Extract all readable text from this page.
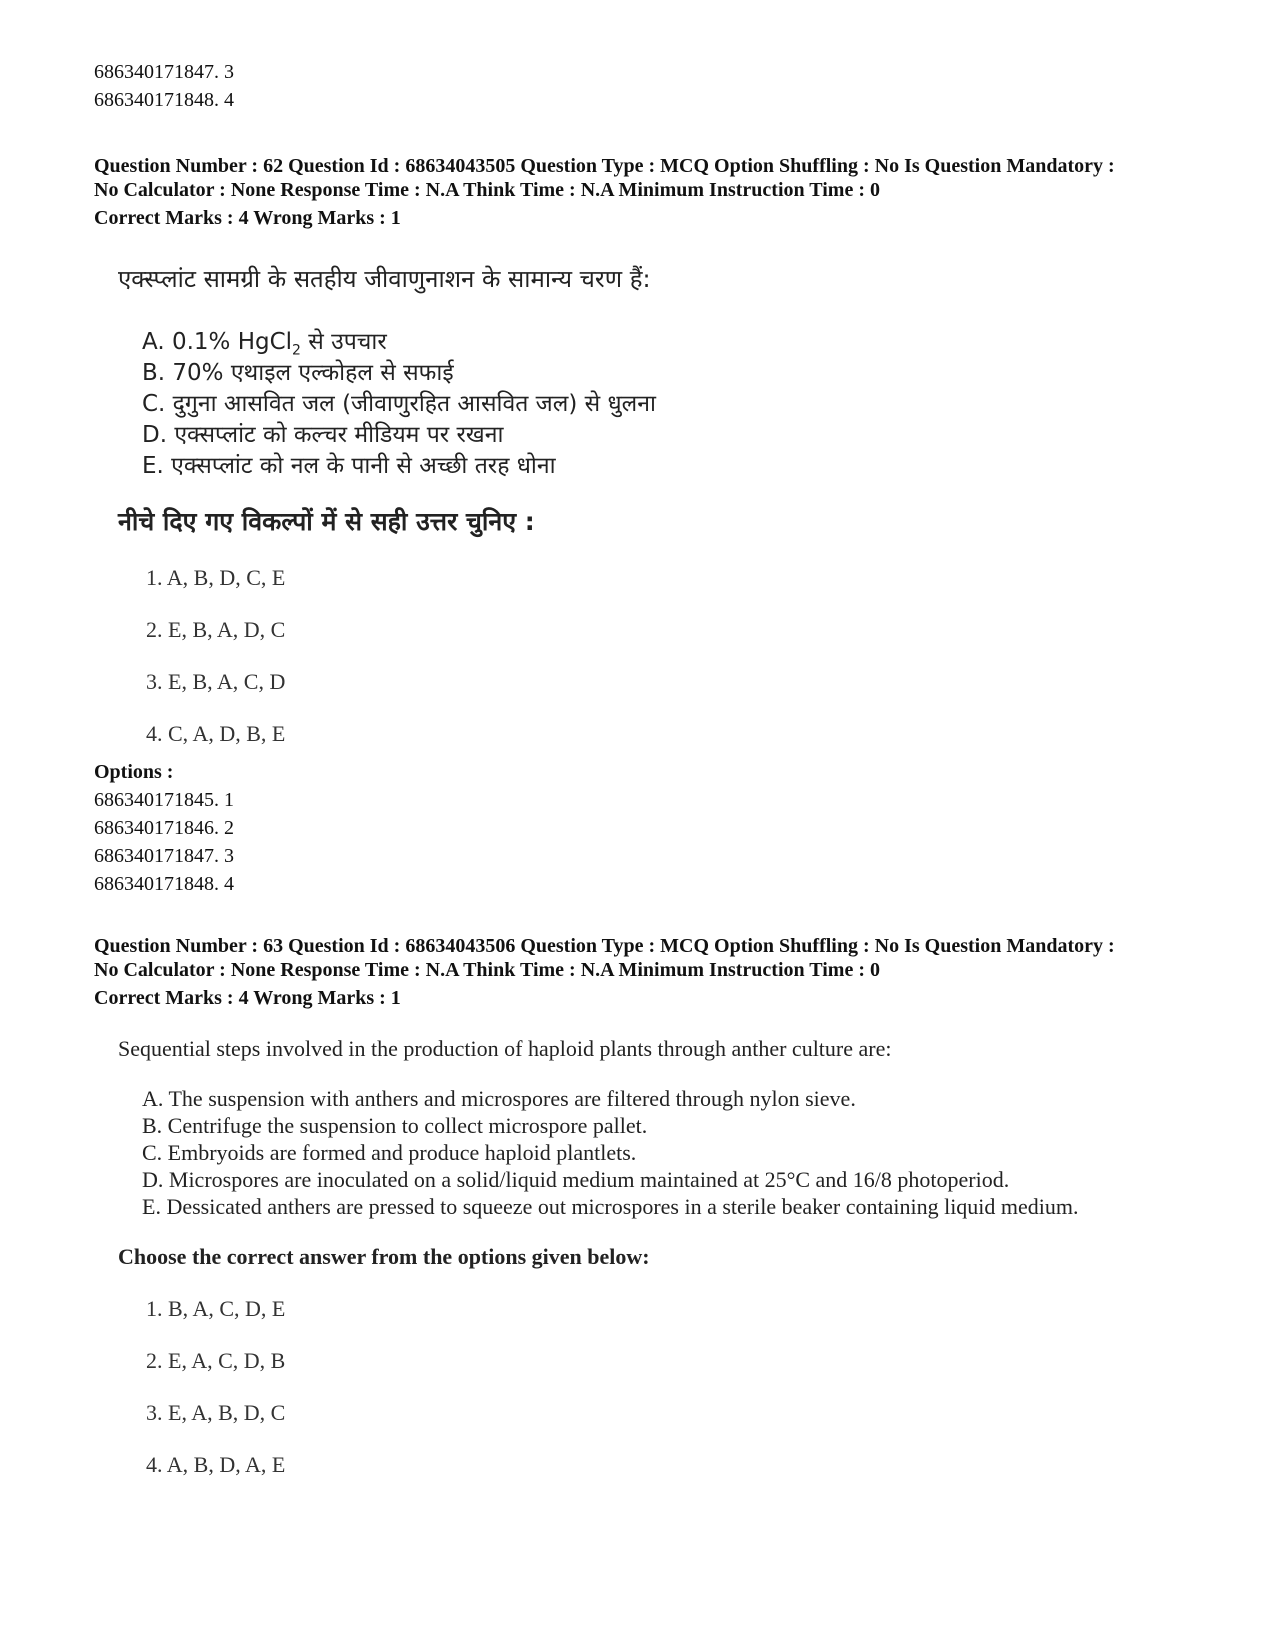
686340171847. 3
686340171848. 4
Question Number : 62 Question Id : 68634043505 Question Type : MCQ Option Shuffling : No Is Question Mandatory :
No Calculator : None Response Time : N.A Think Time : N.A Minimum Instruction Time : 0
Correct Marks : 4 Wrong Marks : 1
एक्स्प्लांट सामग्री के सतहीय जीवाणुनाशन के सामान्य चरण हैं:
A. 0.1% HgCl$_2$ से उपचार
B. 70% एथाइल एल्कोहल से सफाई
C. दुगुना आसवित जल (जीवाणुरहित आसवित जल) से धुलना
D. एक्सप्लांट को कल्चर मीडियम पर रखना
E. एक्सप्लांट को नल के पानी से अच्छी तरह धोना
नीचे दिए गए विकल्पों में से सही उत्तर चुनिए :
1. A, B, D, C, E
2. E, B, A, D, C
3. E, B, A, C, D
4. C, A, D, B, E
Options :
686340171845. 1
686340171846. 2
686340171847. 3
686340171848. 4
Question Number : 63 Question Id : 68634043506 Question Type : MCQ Option Shuffling : No Is Question Mandatory :
No Calculator : None Response Time : N.A Think Time : N.A Minimum Instruction Time : 0
Correct Marks : 4 Wrong Marks : 1
Sequential steps involved in the production of haploid plants through anther culture are:
A. The suspension with anthers and microspores are filtered through nylon sieve.
B. Centrifuge the suspension to collect microspore pallet.
C. Embryoids are formed and produce haploid plantlets.
D. Microspores are inoculated on a solid/liquid medium maintained at 25°C and 16/8 photoperiod.
E. Dessicated anthers are pressed to squeeze out microspores in a sterile beaker containing liquid medium.
Choose the correct answer from the options given below:
1. B, A, C, D, E
2. E, A, C, D, B
3. E, A, B, D, C
4. A, B, D, A, E
